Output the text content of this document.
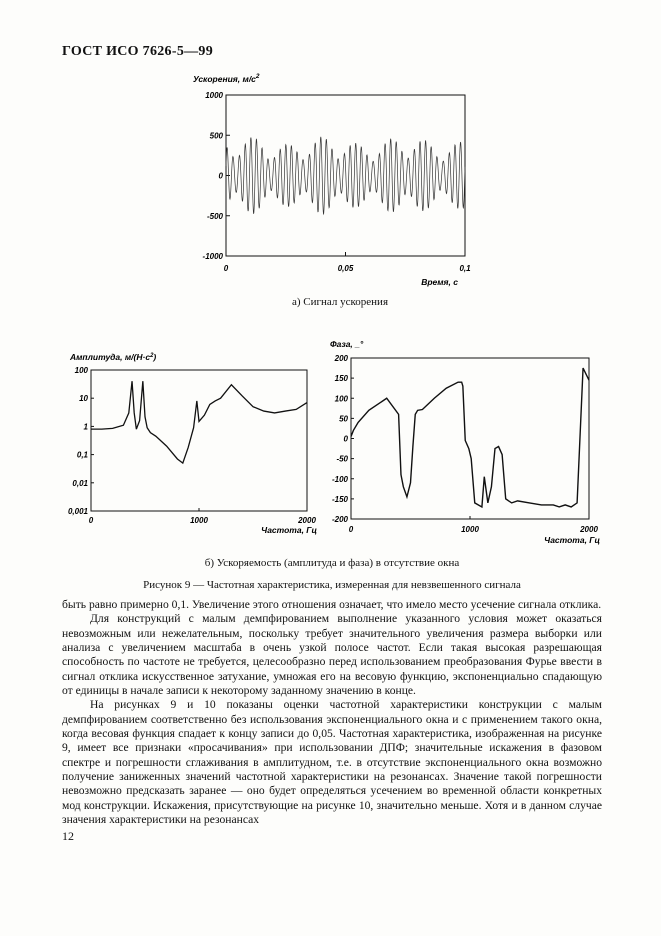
ГОСТ ИСО 7626-5—99
Ускорения, $м/с^2$
1000
500
0
-500
-1000
0	0,05	0,1
Время, с
а) Сигнал ускорения
Амплитуда, $м/(Н\cdot с^2)$
100
10
1
0,1
0,01
0,001
0	1000	2000
Частота, Гц
Фаза, _°
200
150
100
50
0
-50
-100
-150
-200
0	1000	2000
Частота, Гц
б) Ускоряемость (амплитуда и фаза) в отсутствие окна
Рисунок 9 — Частотная характеристика, измеренная для невзвешенного сигнала

быть равно примерно 0,1. Увеличение этого отношения означает, что имело место усечение сигнала отклика.

Для конструкций с малым демпфированием выполнение указанного условия может оказаться невозможным или нежелательным, поскольку требует значительного увеличения размера выборки или анализа с увеличением масштаба в очень узкой полосе частот. Если такая высокая разрешающая способность по частоте не требуется, целесообразно перед использованием преобразования Фурье ввести в сигнал отклика искусственное затухание, умножая его на весовую функцию, экспоненциально спадающую от единицы в начале записи к некоторому заданному значению в конце.

На рисунках 9 и 10 показаны оценки частотной характеристики конструкции с малым демпфированием соответственно без использования экспоненциального окна и с применением такого окна, когда весовая функция спадает к концу записи до 0,05. Частотная характеристика, изображенная на рисунке 9, имеет все признаки «просачивания» при использовании ДПФ; значительные искажения в фазовом спектре и погрешности сглаживания в амплитудном, т.е. в отсутствие экспоненциального окна возможно получение заниженных значений частотной характеристики на резонансах. Значение такой погрешности невозможно предсказать заранее — оно будет определяться усечением во временной области конкретных мод конструкции. Искажения, присутствующие на рисунке 10, значительно меньше. Хотя и в данном случае значения характеристики на резонансах

12
